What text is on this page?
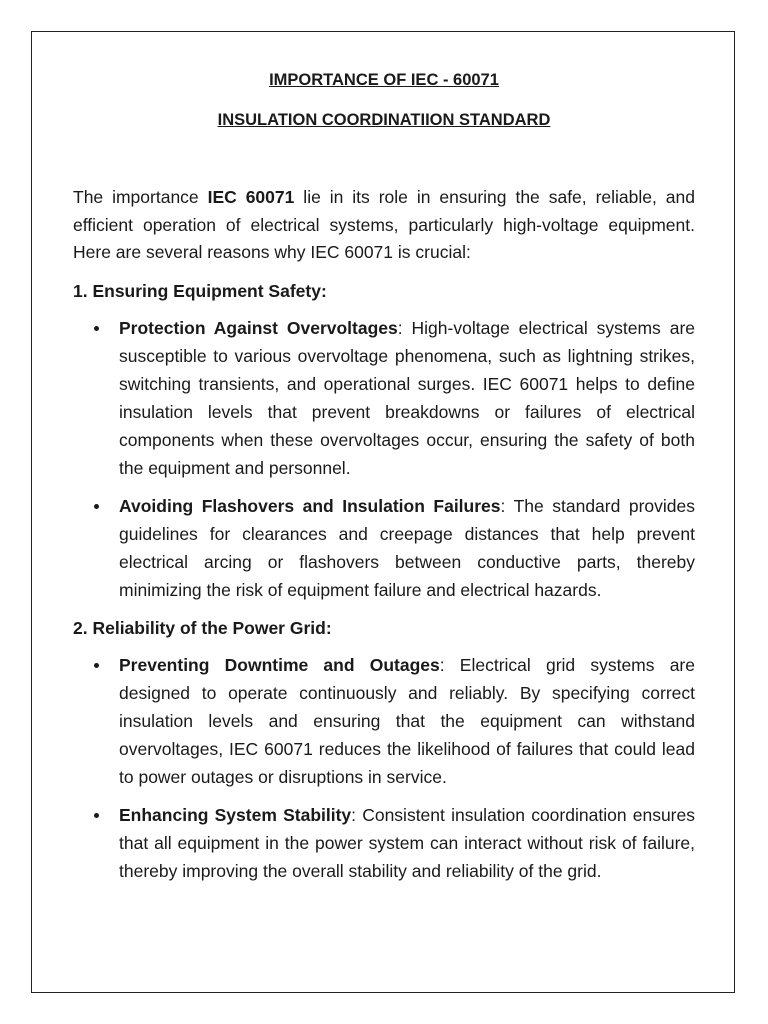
IMPORTANCE OF IEC - 60071

INSULATION COORDINATIION STANDARD

The importance IEC 60071 lie in its role in ensuring the safe, reliable, and efficient operation of electrical systems, particularly high-voltage equipment. Here are several reasons why IEC 60071 is crucial:

1. Ensuring Equipment Safety:

Protection Against Overvoltages: High-voltage electrical systems are susceptible to various overvoltage phenomena, such as lightning strikes, switching transients, and operational surges. IEC 60071 helps to define insulation levels that prevent breakdowns or failures of electrical components when these overvoltages occur, ensuring the safety of both the equipment and personnel.
Avoiding Flashovers and Insulation Failures: The standard provides guidelines for clearances and creepage distances that help prevent electrical arcing or flashovers between conductive parts, thereby minimizing the risk of equipment failure and electrical hazards.

2. Reliability of the Power Grid:

Preventing Downtime and Outages: Electrical grid systems are designed to operate continuously and reliably. By specifying correct insulation levels and ensuring that the equipment can withstand overvoltages, IEC 60071 reduces the likelihood of failures that could lead to power outages or disruptions in service.
Enhancing System Stability: Consistent insulation coordination ensures that all equipment in the power system can interact without risk of failure, thereby improving the overall stability and reliability of the grid.
